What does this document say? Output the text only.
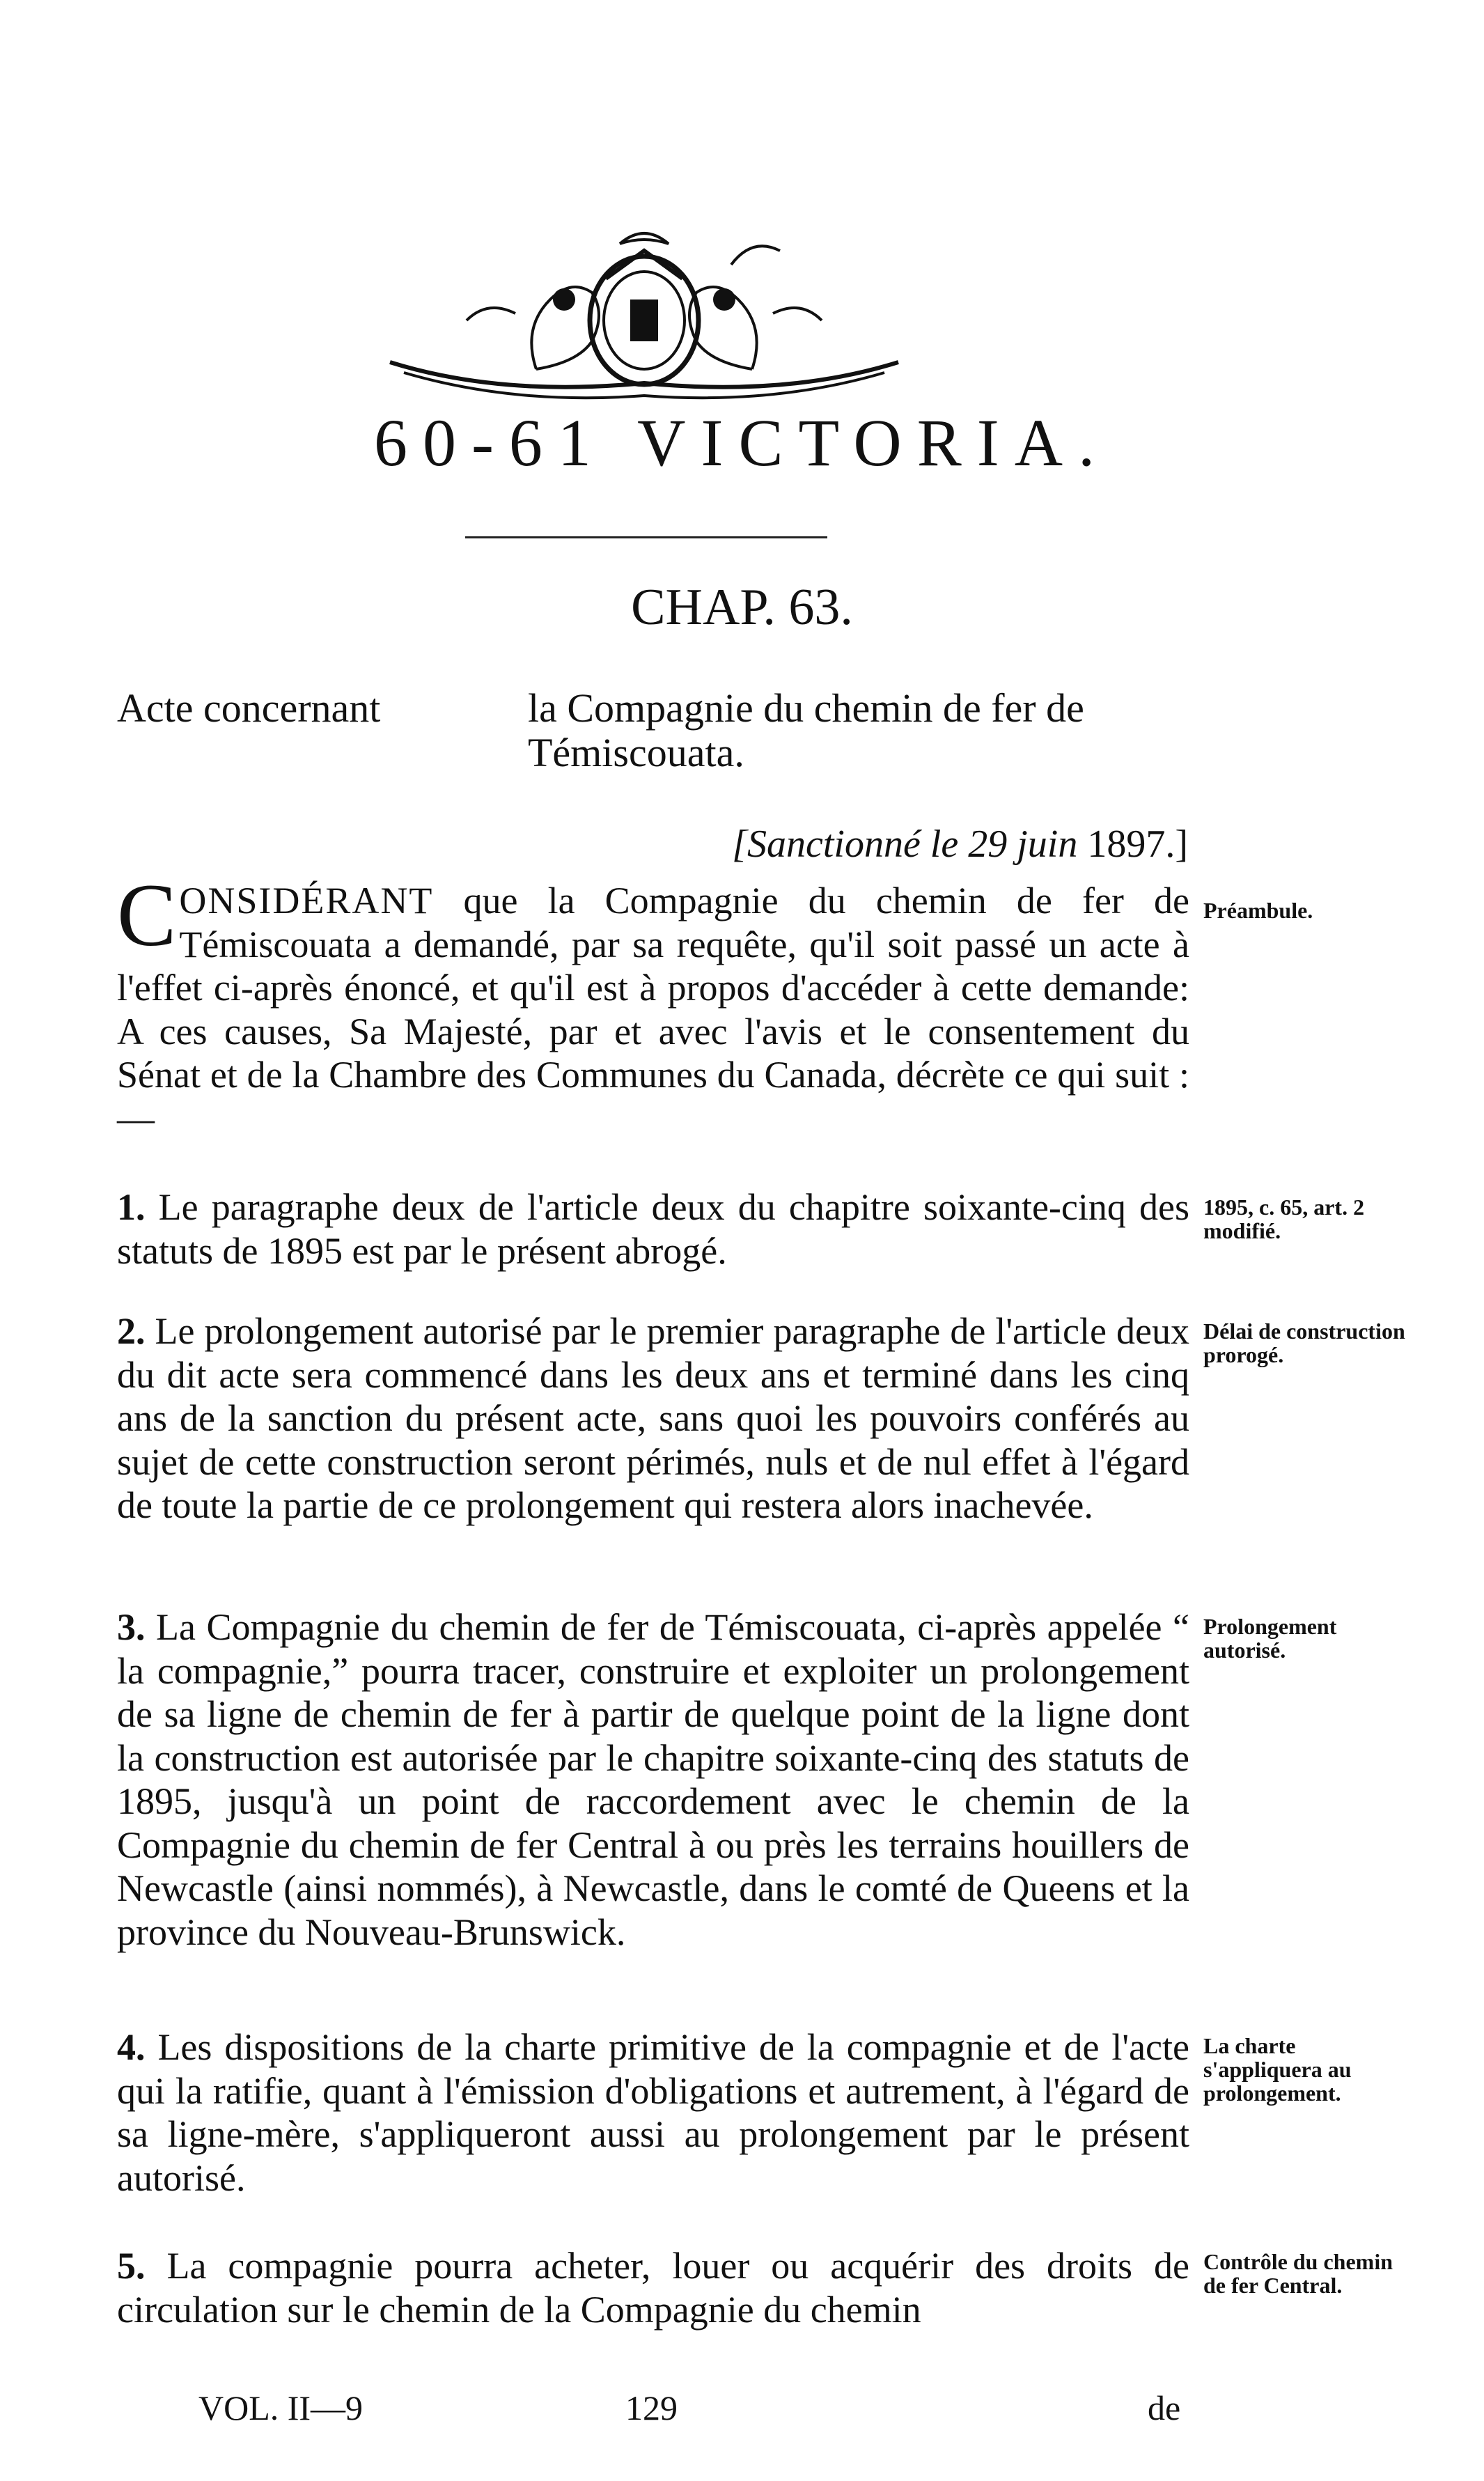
60-61 VICTORIA.
CHAP. 63.
Acte concernant	la Compagnie du chemin de fer de Témiscouata.
[Sanctionné le 29 juin 1897.]
CONSIDÉRANT que la Compagnie du chemin de fer de Témiscouata a demandé, par sa requête, qu'il soit passé un acte à l'effet ci-après énoncé, et qu'il est à propos d'accéder à cette demande: A ces causes, Sa Majesté, par et avec l'avis et le consentement du Sénat et de la Chambre des Communes du Canada, décrète ce qui suit : —
Préambule.
1. Le paragraphe deux de l'article deux du chapitre soixante-cinq des statuts de 1895 est par le présent abrogé.
1895, c. 65, art. 2 modifié.
2. Le prolongement autorisé par le premier paragraphe de l'article deux du dit acte sera commencé dans les deux ans et terminé dans les cinq ans de la sanction du présent acte, sans quoi les pouvoirs conférés au sujet de cette construction seront périmés, nuls et de nul effet à l'égard de toute la partie de ce prolongement qui restera alors inachevée.
Délai de construction prorogé.
3. La Compagnie du chemin de fer de Témiscouata, ci-après appelée “ la compagnie,” pourra tracer, construire et exploiter un prolongement de sa ligne de chemin de fer à partir de quelque point de la ligne dont la construction est autorisée par le chapitre soixante-cinq des statuts de 1895, jusqu'à un point de raccordement avec le chemin de la Compagnie du chemin de fer Central à ou près les terrains houillers de Newcastle (ainsi nommés), à Newcastle, dans le comté de Queens et la province du Nouveau-Brunswick.
Prolongement autorisé.
4. Les dispositions de la charte primitive de la compagnie et de l'acte qui la ratifie, quant à l'émission d'obligations et autrement, à l'égard de sa ligne-mère, s'appliqueront aussi au prolongement par le présent autorisé.
La charte s'appliquera au prolongement.
5. La compagnie pourra acheter, louer ou acquérir des droits de circulation sur le chemin de la Compagnie du chemin
Contrôle du chemin de fer Central.
VOL. II—9	129	de
